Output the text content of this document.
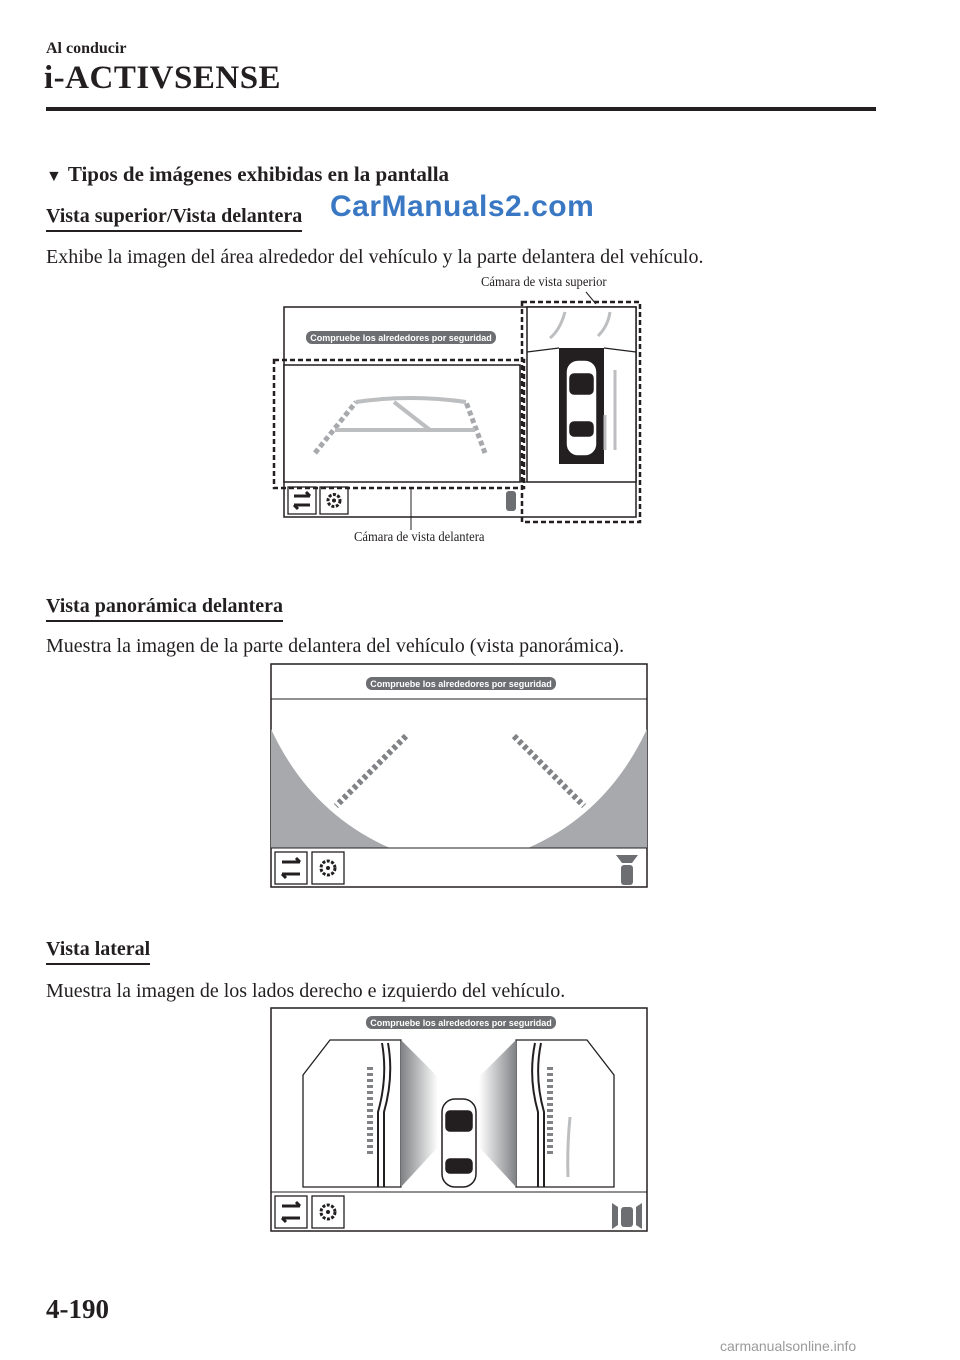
Al conducir
i-ACTIVSENSE
▼ Tipos de imágenes exhibidas en la pantalla
Vista superior/Vista delantera CarManuals2.com
Exhibe la imagen del área alrededor del vehículo y la parte delantera del vehículo.
Cámara de vista superior
Compruebe los alrededores por seguridad
Cámara de vista delantera
Vista panorámica delantera
Muestra la imagen de la parte delantera del vehículo (vista panorámica).
Compruebe los alrededores por seguridad
Vista lateral
Muestra la imagen de los lados derecho e izquierdo del vehículo.
Compruebe los alrededores por seguridad
4-190
carmanualsonline.info
